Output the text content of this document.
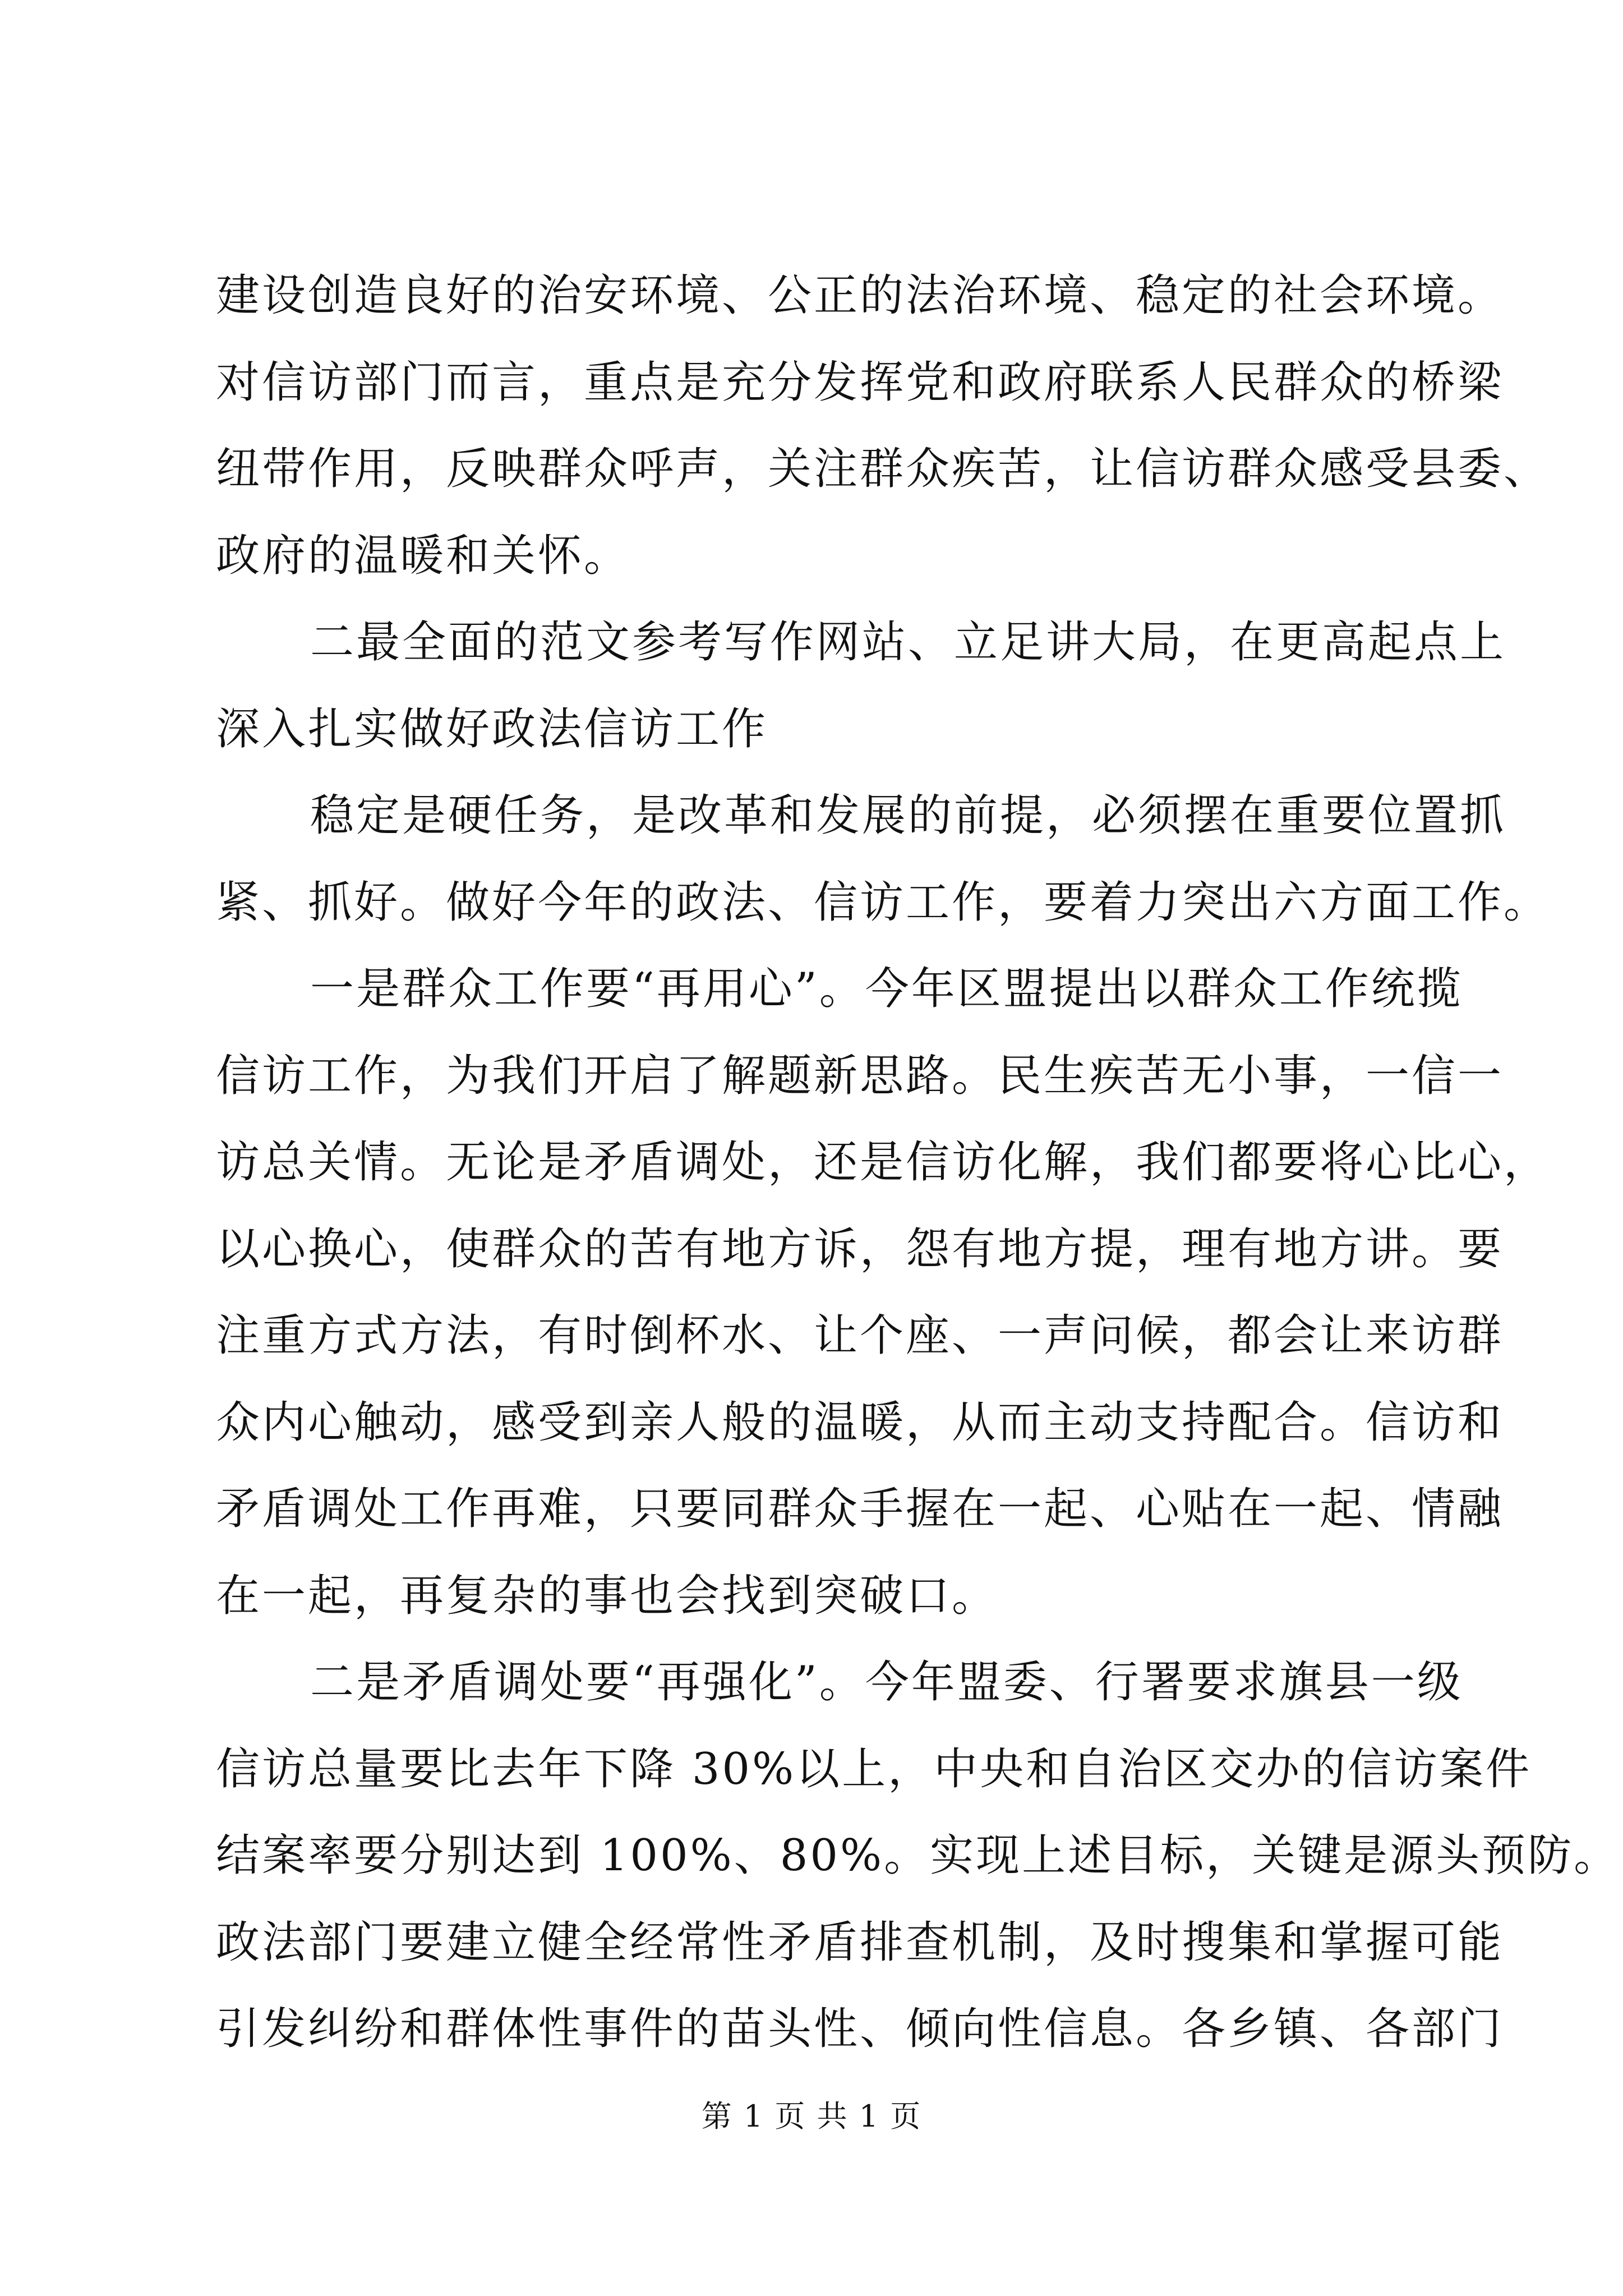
建设创造良好的治安环境、公正的法治环境、稳定的社会环境。
对信访部门而言，重点是充分发挥党和政府联系人民群众的桥梁
纽带作用，反映群众呼声，关注群众疾苦，让信访群众感受县委、
政府的温暖和关怀。
二最全面的范文参考写作网站、立足讲大局，在更高起点上
深入扎实做好政法信访工作
稳定是硬任务，是改革和发展的前提，必须摆在重要位置抓
紧、抓好。做好今年的政法、信访工作，要着力突出六方面工作。
一是群众工作要“再用心”。今年区盟提出以群众工作统揽
信访工作，为我们开启了解题新思路。民生疾苦无小事，一信一
访总关情。无论是矛盾调处，还是信访化解，我们都要将心比心，
以心换心，使群众的苦有地方诉，怨有地方提，理有地方讲。要
注重方式方法，有时倒杯水、让个座、一声问候，都会让来访群
众内心触动，感受到亲人般的温暖，从而主动支持配合。信访和
矛盾调处工作再难，只要同群众手握在一起、心贴在一起、情融
在一起，再复杂的事也会找到突破口。
二是矛盾调处要“再强化”。今年盟委、行署要求旗县一级
信访总量要比去年下降 30%以上，中央和自治区交办的信访案件
结案率要分别达到 100%、80%。实现上述目标，关键是源头预防。
政法部门要建立健全经常性矛盾排查机制，及时搜集和掌握可能
引发纠纷和群体性事件的苗头性、倾向性信息。各乡镇、各部门
第 1 页 共 1 页
